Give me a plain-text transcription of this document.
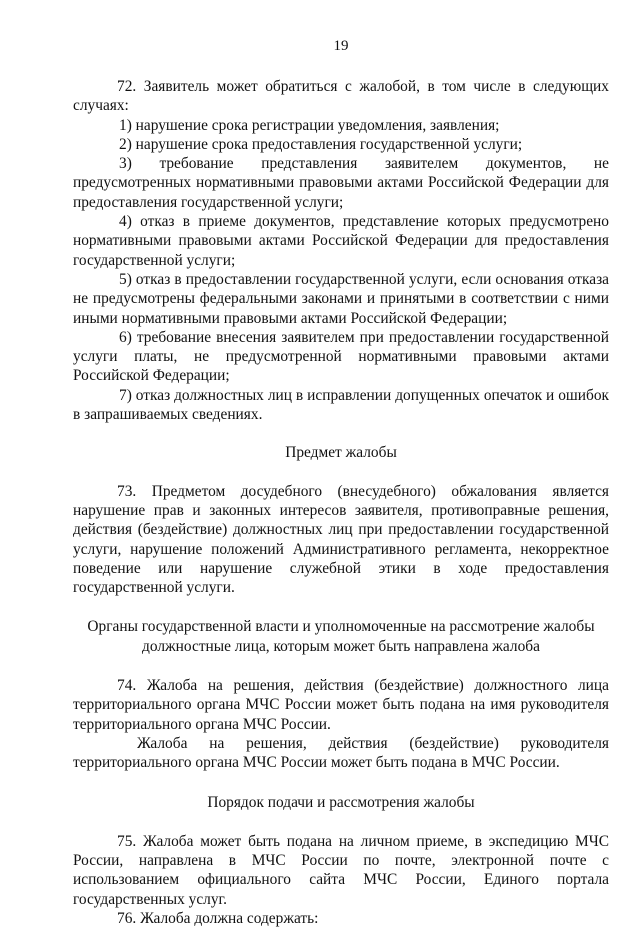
19

72. Заявитель может обратиться с жалобой, в том числе в следующих случаях:

1) нарушение срока регистрации уведомления, заявления;

2) нарушение срока предоставления государственной услуги;

3) требование представления заявителем документов, не предусмотренных нормативными правовыми актами Российской Федерации для предоставления государственной услуги;

4) отказ в приеме документов, представление которых предусмотрено нормативными правовыми актами Российской Федерации для предоставления государственной услуги;

5) отказ в предоставлении государственной услуги, если основания отказа не предусмотрены федеральными законами и принятыми в соответствии с ними иными нормативными правовыми актами Российской Федерации;

6) требование внесения заявителем при предоставлении государственной услуги платы, не предусмотренной нормативными правовыми актами Российской Федерации;

7) отказ должностных лиц в исправлении допущенных опечаток и ошибок в запрашиваемых сведениях.

Предмет жалобы

73. Предметом досудебного (внесудебного) обжалования является нарушение прав и законных интересов заявителя, противоправные решения, действия (бездействие) должностных лиц при предоставлении государственной услуги, нарушение положений Административного регламента, некорректное поведение или нарушение служебной этики в ходе предоставления государственной услуги.

Органы государственной власти и уполномоченные на рассмотрение жалобы
должностные лица, которым может быть направлена жалоба

74. Жалоба на решения, действия (бездействие) должностного лица территориального органа МЧС России может быть подана на имя руководителя территориального органа МЧС России.

Жалоба на решения, действия (бездействие) руководителя территориального органа МЧС России может быть подана в МЧС России.

Порядок подачи и рассмотрения жалобы

75. Жалоба может быть подана на личном приеме, в экспедицию МЧС России, направлена в МЧС России по почте, электронной почте с использованием официального сайта МЧС России, Единого портала государственных услуг.

76. Жалоба должна содержать:
